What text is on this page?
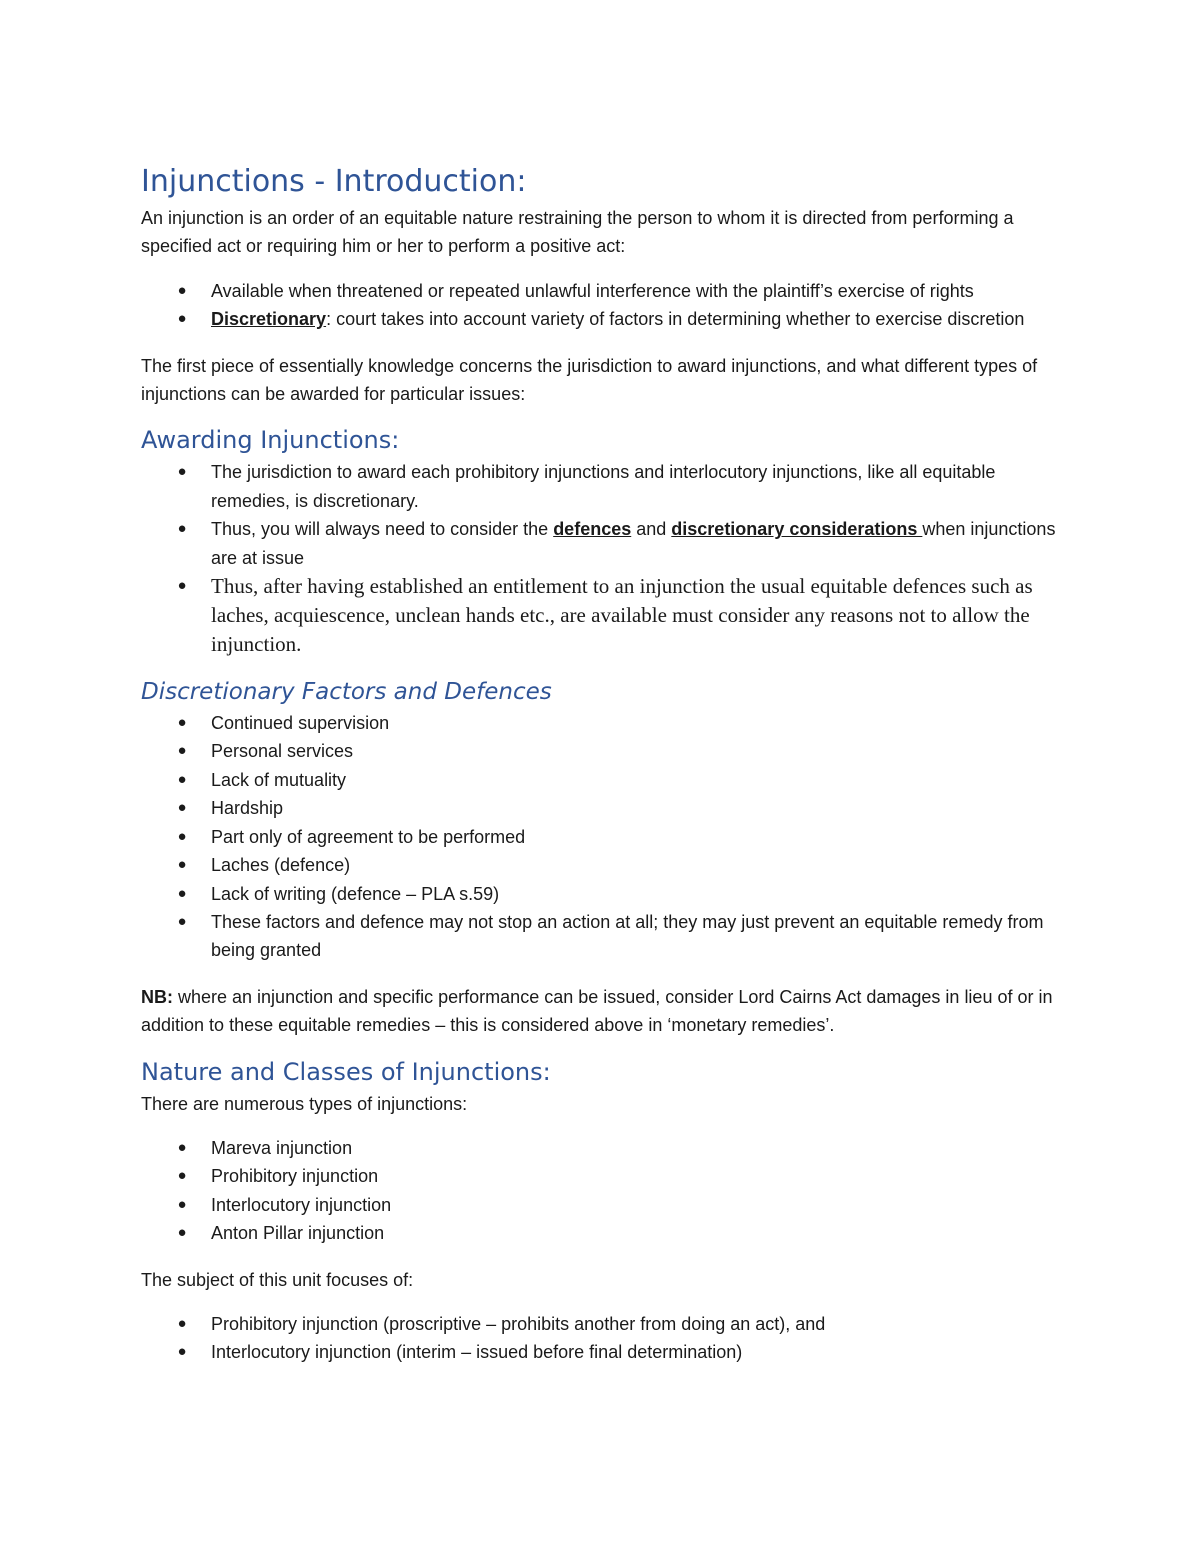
Injunctions - Introduction:

An injunction is an order of an equitable nature restraining the person to whom it is directed from performing a specified act or requiring him or her to perform a positive act:

● Available when threatened or repeated unlawful interference with the plaintiff’s exercise of rights
● Discretionary: court takes into account variety of factors in determining whether to exercise discretion

The first piece of essentially knowledge concerns the jurisdiction to award injunctions, and what different types of injunctions can be awarded for particular issues:

Awarding Injunctions:
● The jurisdiction to award each prohibitory injunctions and interlocutory injunctions, like all equitable remedies, is discretionary.
● Thus, you will always need to consider the defences and discretionary considerations when injunctions are at issue
● Thus, after having established an entitlement to an injunction the usual equitable defences such as laches, acquiescence, unclean hands etc., are available must consider any reasons not to allow the injunction.
Discretionary Factors and Defences
● Continued supervision
● Personal services
● Lack of mutuality
● Hardship
● Part only of agreement to be performed
● Laches (defence)
● Lack of writing (defence – PLA s.59)
● These factors and defence may not stop an action at all; they may just prevent an equitable remedy from being granted

NB: where an injunction and specific performance can be issued, consider Lord Cairns Act damages in lieu of or in addition to these equitable remedies – this is considered above in ‘monetary remedies’.

Nature and Classes of Injunctions:

There are numerous types of injunctions:

● Mareva injunction
● Prohibitory injunction
● Interlocutory injunction
● Anton Pillar injunction

The subject of this unit focuses of:

● Prohibitory injunction (proscriptive – prohibits another from doing an act), and
● Interlocutory injunction (interim – issued before final determination)
